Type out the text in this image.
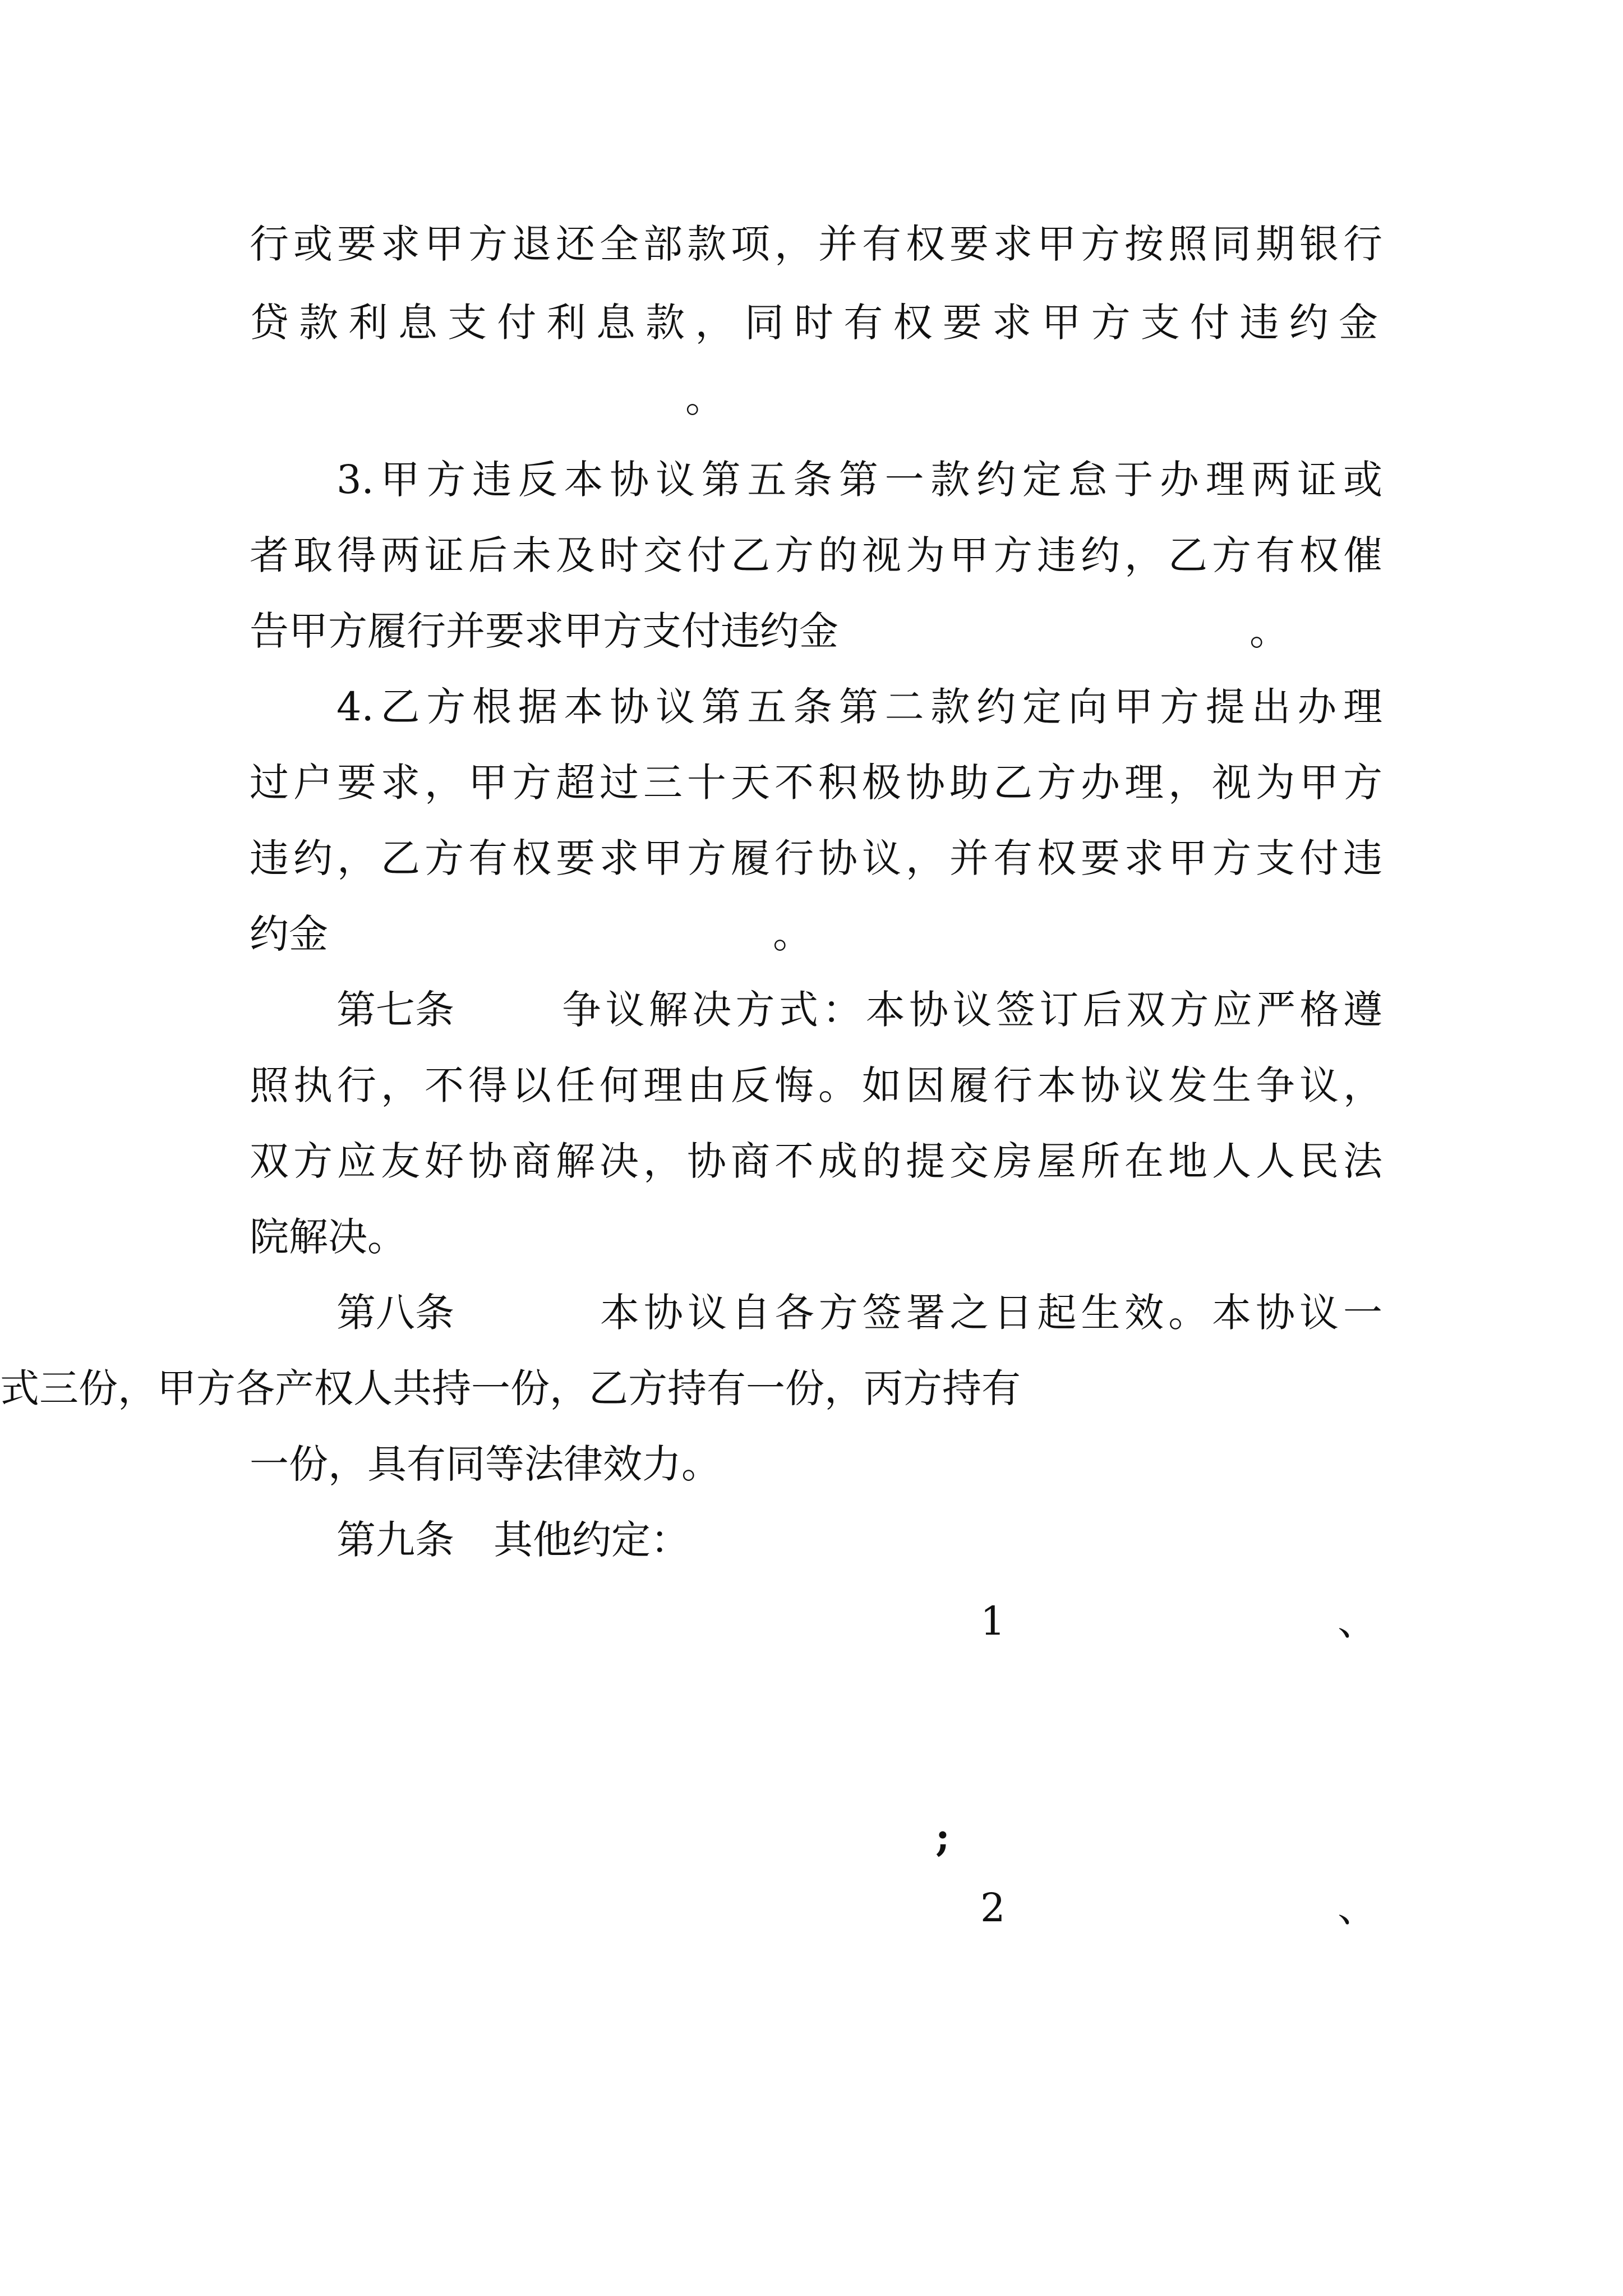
行或要求甲方退还全部款项，并有权要求甲方按照同期银行

贷款利息支付利息款，同时有权要求甲方支付违约金

。

3.甲方违反本协议第五条第一款约定怠于办理两证或

者取得两证后未及时交付乙方的视为甲方违约，乙方有权催

告甲方履行并要求甲方支付违约金	。

4.乙方根据本协议第五条第二款约定向甲方提出办理

过户要求，甲方超过三十天不积极协助乙方办理，视为甲方

违约，乙方有权要求甲方履行协议，并有权要求甲方支付违

约金	。
第七条	争议解决方式：本协议签订后双方应严格遵

照执行，不得以任何理由反悔。如因履行本协议发生争议，

双方应友好协商解决，协商不成的提交房屋所在地人人民法

院解决。

第八条	本协议自各方签署之日起生效。本协议一

式三份，甲方各产权人共持一份，乙方持有一份，丙方持有

一份，具有同等法律效力。

第九条　其他约定：
1	、
;
2	、
